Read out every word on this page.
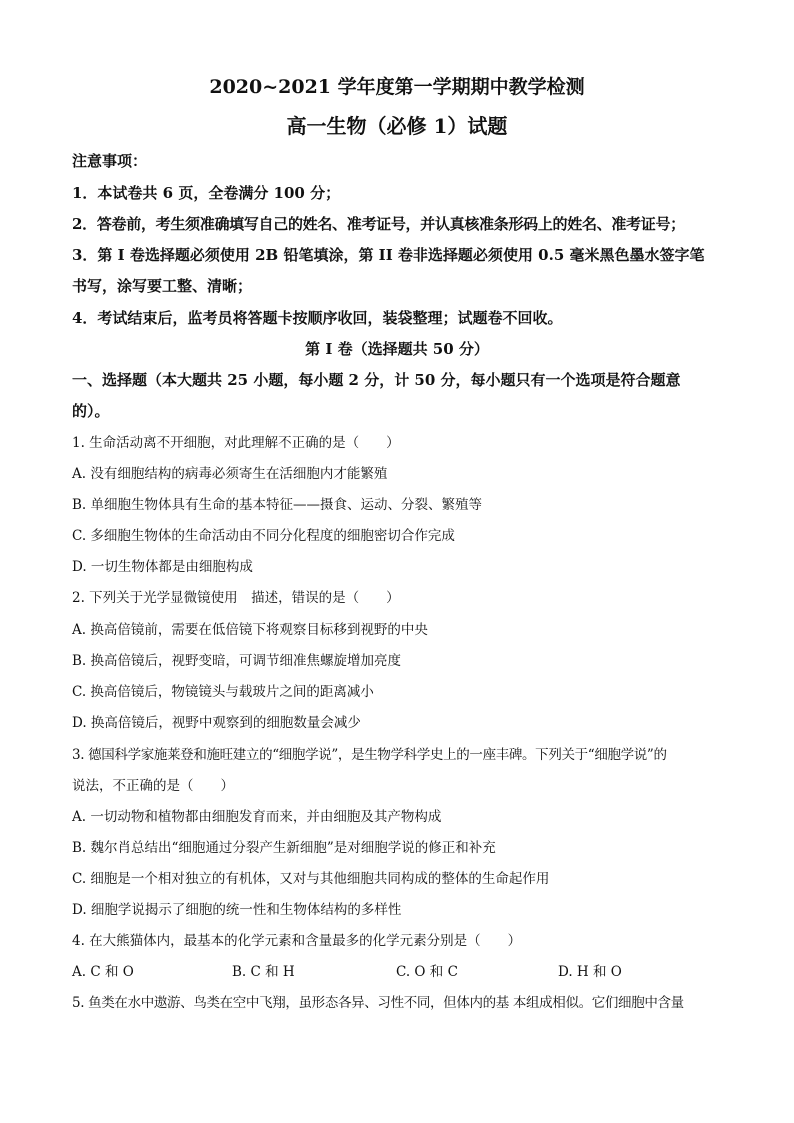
2020~2021 学年度第一学期期中教学检测
高一生物（必修 1）试题
注意事项：
1．本试卷共 6 页，全卷满分 100 分；
2．答卷前，考生须准确填写自己的姓名、准考证号，并认真核准条形码上的姓名、准考证号；
3．第 I 卷选择题必须使用 2B 铅笔填涂，第 II 卷非选择题必须使用 0.5 毫米黑色墨水签字笔
书写，涂写要工整、清晰；
4．考试结束后，监考员将答题卡按顺序收回，装袋整理；试题卷不回收。
第 I 卷（选择题共 50 分）
一、选择题（本大题共 25 小题，每小题 2 分，计 50 分，每小题只有一个选项是符合题意
的）。
1. 生命活动离不开细胞，对此理解不正确的是（　　）
A. 没有细胞结构的病毒必须寄生在活细胞内才能繁殖
B. 单细胞生物体具有生命的基本特征——摄食、运动、分裂、繁殖等
C. 多细胞生物体的生命活动由不同分化程度的细胞密切合作完成
D. 一切生物体都是由细胞构成
2. 下列关于光学显微镜使用　描述，错误的是（　　）
A. 换高倍镜前，需要在低倍镜下将观察目标移到视野的中央
B. 换高倍镜后，视野变暗，可调节细准焦螺旋增加亮度
C. 换高倍镜后，物镜镜头与载玻片之间的距离减小
D. 换高倍镜后，视野中观察到的细胞数量会减少
3. 德国科学家施莱登和施旺建立的“细胞学说”，是生物学科学史上的一座丰碑。下列关于“细胞学说”的
说法，不正确的是（　　）
A. 一切动物和植物都由细胞发育而来，并由细胞及其产物构成
B. 魏尔肖总结出“细胞通过分裂产生新细胞”是对细胞学说的修正和补充
C. 细胞是一个相对独立的有机体，又对与其他细胞共同构成的整体的生命起作用
D. 细胞学说揭示了细胞的统一性和生物体结构的多样性
4. 在大熊猫体内，最基本的化学元素和含量最多的化学元素分别是（　　）
A. C 和 O	B. C 和 H	C. O 和 C	D. H 和 O
5. 鱼类在水中遨游、鸟类在空中飞翔，虽形态各异、习性不同，但体内的基 本组成相似。它们细胞中含量
